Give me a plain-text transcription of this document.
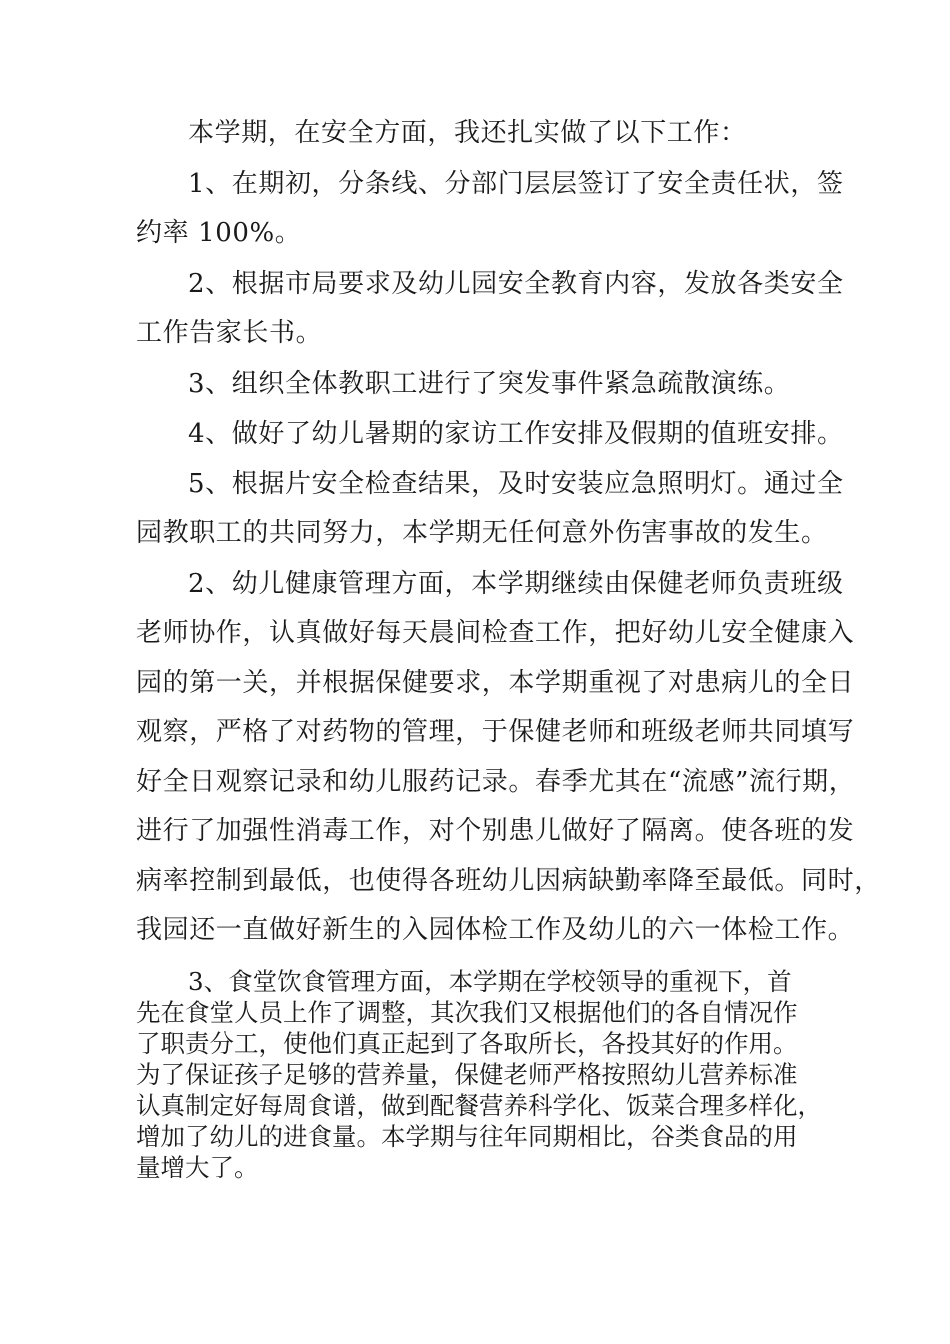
本学期，在安全方面，我还扎实做了以下工作：
1、在期初，分条线、分部门层层签订了安全责任状，签
约率 100%。
2、根据市局要求及幼儿园安全教育内容，发放各类安全
工作告家长书。
3、组织全体教职工进行了突发事件紧急疏散演练。
4、做好了幼儿暑期的家访工作安排及假期的值班安排。
5、根据片安全检查结果，及时安装应急照明灯。通过全
园教职工的共同努力，本学期无任何意外伤害事故的发生。
2、幼儿健康管理方面，本学期继续由保健老师负责班级
老师协作，认真做好每天晨间检查工作，把好幼儿安全健康入
园的第一关，并根据保健要求，本学期重视了对患病儿的全日
观察，严格了对药物的管理，于保健老师和班级老师共同填写
好全日观察记录和幼儿服药记录。春季尤其在“流感”流行期，
进行了加强性消毒工作，对个别患儿做好了隔离。使各班的发
病率控制到最低，也使得各班幼儿因病缺勤率降至最低。同时，
我园还一直做好新生的入园体检工作及幼儿的六一体检工作。
3、食堂饮食管理方面，本学期在学校领导的重视下，首
先在食堂人员上作了调整，其次我们又根据他们的各自情况作
了职责分工，使他们真正起到了各取所长，各投其好的作用。
为了保证孩子足够的营养量，保健老师严格按照幼儿营养标准
认真制定好每周食谱，做到配餐营养科学化、饭菜合理多样化，
增加了幼儿的进食量。本学期与往年同期相比，谷类食品的用
量增大了。
